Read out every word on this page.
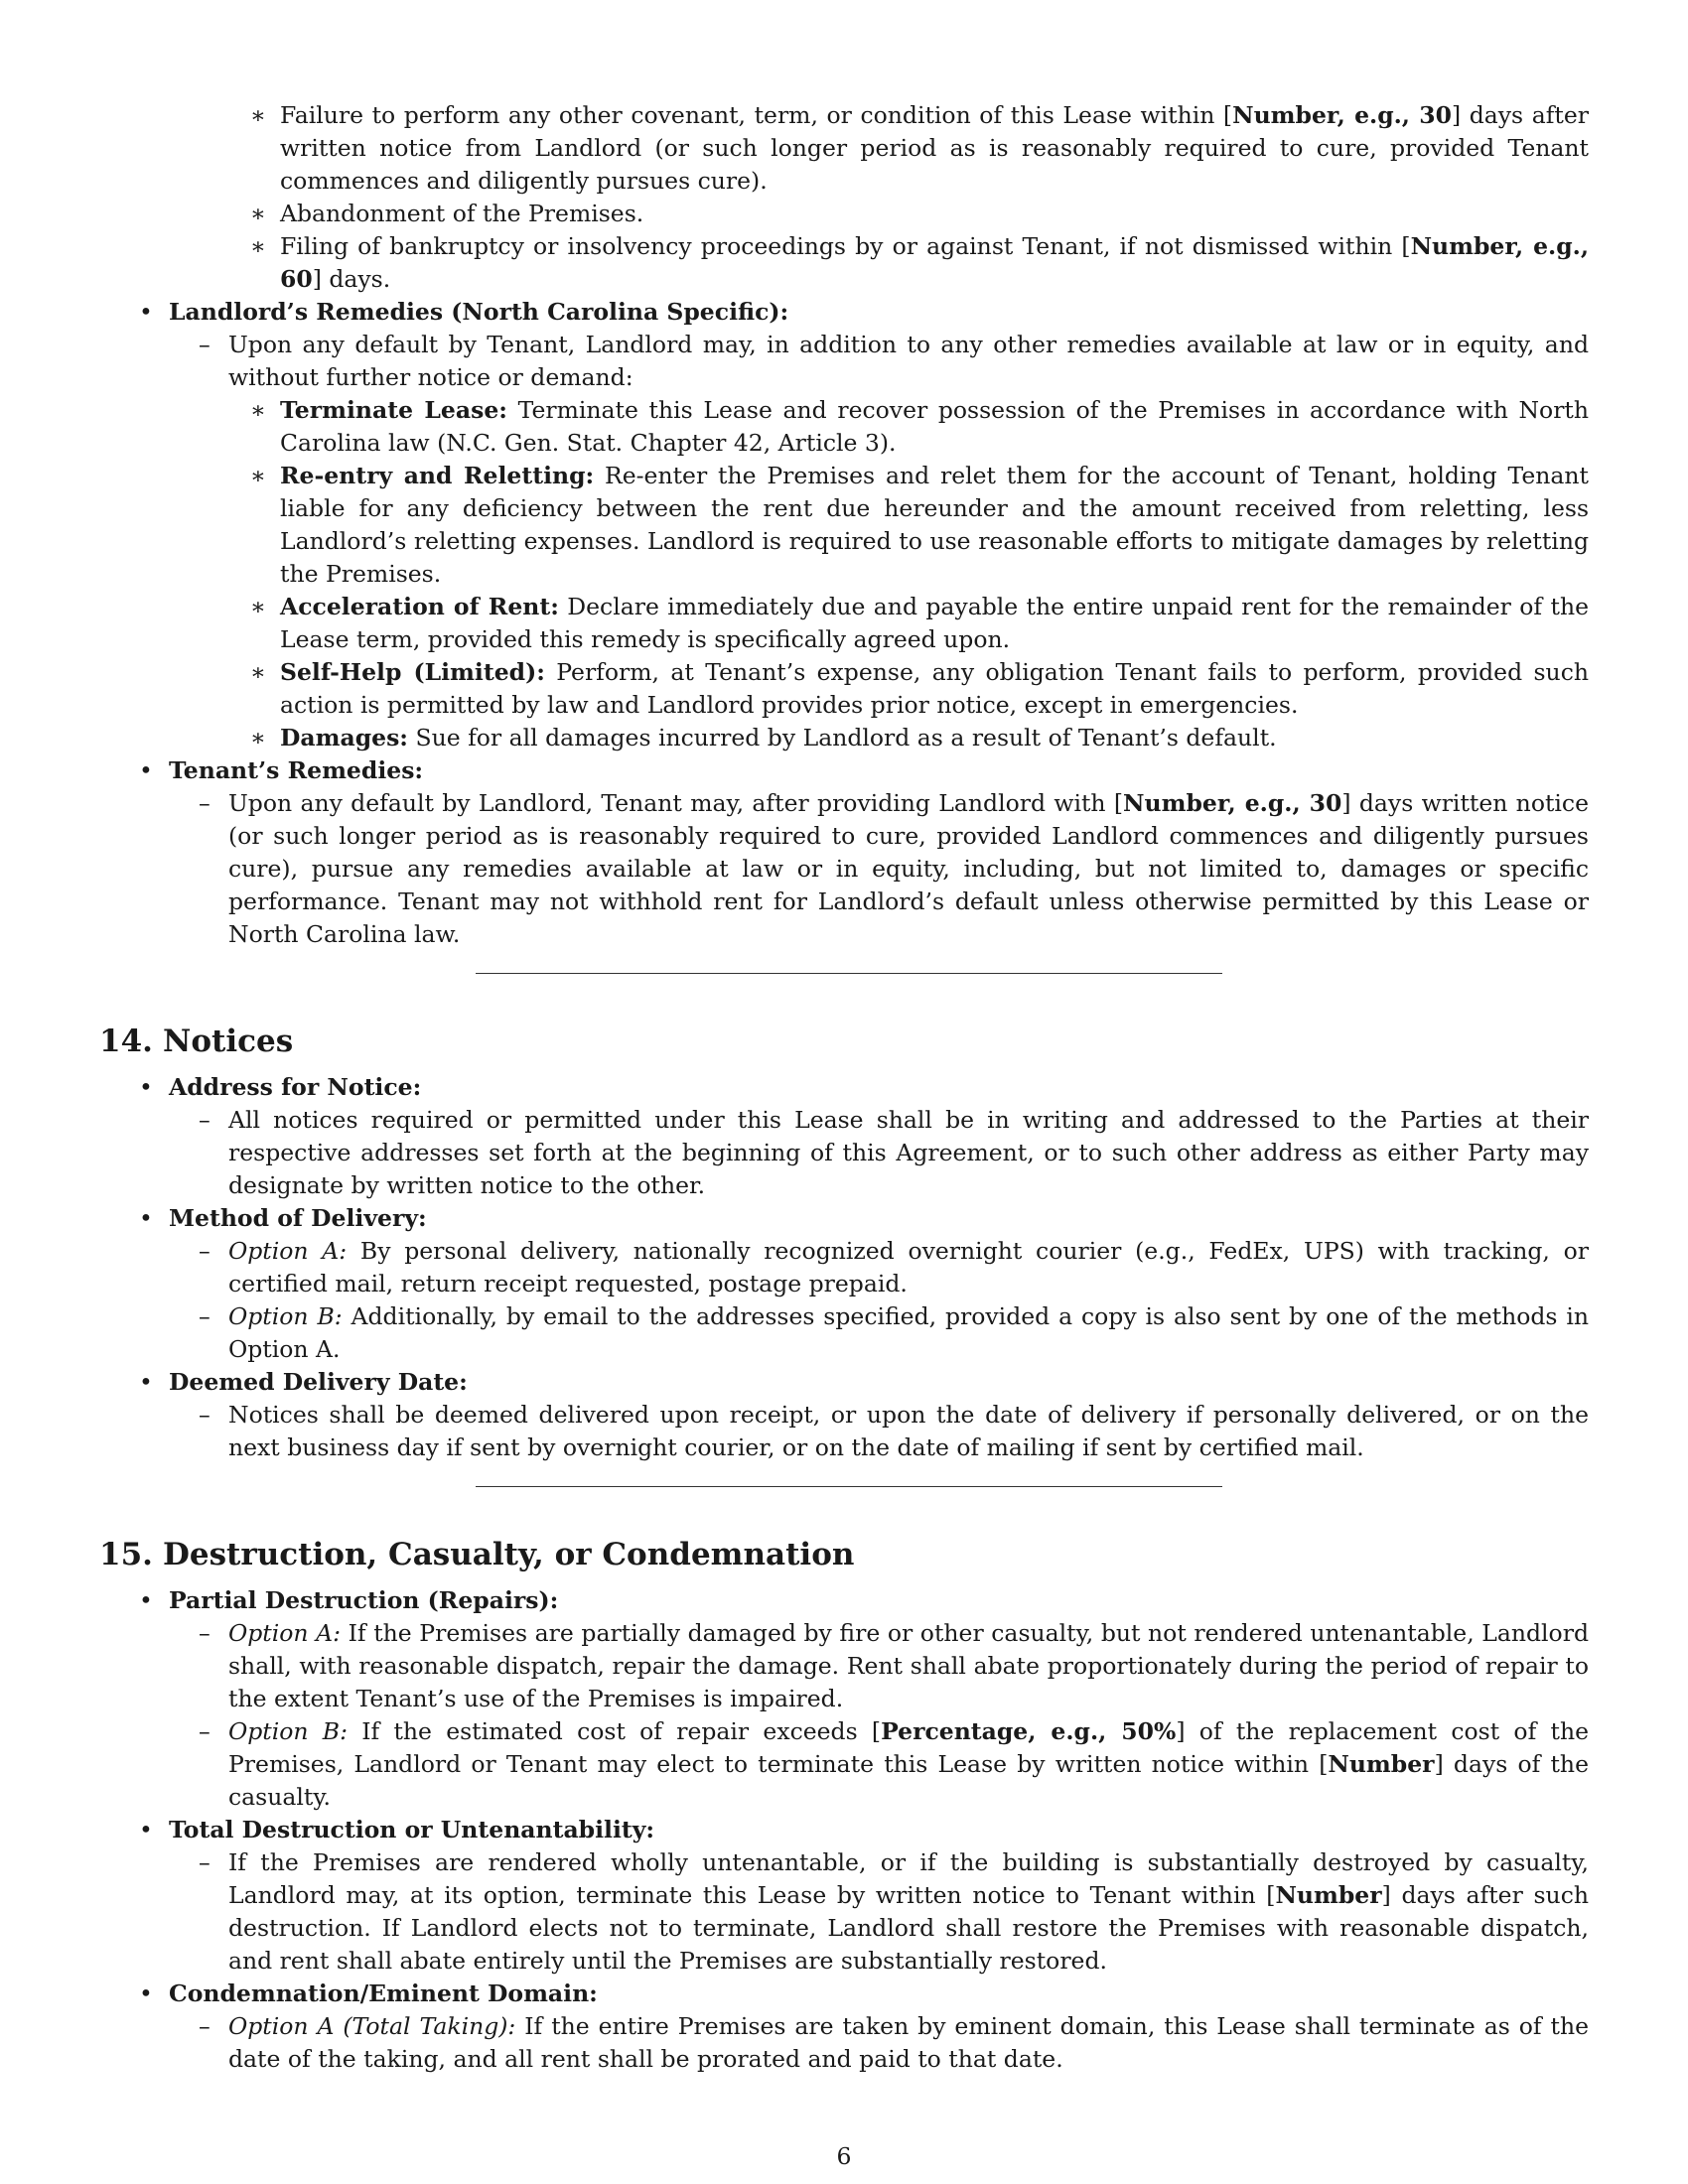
∗ Failure to perform any other covenant, term, or condition of this Lease within [Number, e.g., 30] days after written notice from Landlord (or such longer period as is reasonably required to cure, provided Tenant commences and diligently pursues cure).
∗ Abandonment of the Premises.
∗ Filing of bankruptcy or insolvency proceedings by or against Tenant, if not dismissed within [Number, e.g., 60] days.
• Landlord’s Remedies (North Carolina Specific):
– Upon any default by Tenant, Landlord may, in addition to any other remedies available at law or in equity, and without further notice or demand:
∗ Terminate Lease: Terminate this Lease and recover possession of the Premises in accordance with North Carolina law (N.C. Gen. Stat. Chapter 42, Article 3).
∗ Re-entry and Reletting: Re-enter the Premises and relet them for the account of Tenant, holding Tenant liable for any deficiency between the rent due hereunder and the amount received from reletting, less Landlord’s reletting expenses. Landlord is required to use reasonable efforts to mitigate damages by reletting the Premises.
∗ Acceleration of Rent: Declare immediately due and payable the entire unpaid rent for the remainder of the Lease term, provided this remedy is specifically agreed upon.
∗ Self-Help (Limited): Perform, at Tenant’s expense, any obligation Tenant fails to perform, provided such action is permitted by law and Landlord provides prior notice, except in emergencies.
∗ Damages: Sue for all damages incurred by Landlord as a result of Tenant’s default.
• Tenant’s Remedies:
– Upon any default by Landlord, Tenant may, after providing Landlord with [Number, e.g., 30] days written notice (or such longer period as is reasonably required to cure, provided Landlord commences and diligently pursues cure), pursue any remedies available at law or in equity, including, but not limited to, damages or specific performance. Tenant may not withhold rent for Landlord’s default unless otherwise permitted by this Lease or North Carolina law.
14. Notices
• Address for Notice:
– All notices required or permitted under this Lease shall be in writing and addressed to the Parties at their respective addresses set forth at the beginning of this Agreement, or to such other address as either Party may designate by written notice to the other.
• Method of Delivery:
– Option A: By personal delivery, nationally recognized overnight courier (e.g., FedEx, UPS) with tracking, or certified mail, return receipt requested, postage prepaid.
– Option B: Additionally, by email to the addresses specified, provided a copy is also sent by one of the methods in Option A.
• Deemed Delivery Date:
– Notices shall be deemed delivered upon receipt, or upon the date of delivery if personally delivered, or on the next business day if sent by overnight courier, or on the date of mailing if sent by certified mail.
15. Destruction, Casualty, or Condemnation
• Partial Destruction (Repairs):
– Option A: If the Premises are partially damaged by fire or other casualty, but not rendered untenantable, Landlord shall, with reasonable dispatch, repair the damage. Rent shall abate proportionately during the period of repair to the extent Tenant’s use of the Premises is impaired.
– Option B: If the estimated cost of repair exceeds [Percentage, e.g., 50%] of the replacement cost of the Premises, Landlord or Tenant may elect to terminate this Lease by written notice within [Number] days of the casualty.
• Total Destruction or Untenantability:
– If the Premises are rendered wholly untenantable, or if the building is substantially destroyed by casualty, Landlord may, at its option, terminate this Lease by written notice to Tenant within [Number] days after such destruction. If Landlord elects not to terminate, Landlord shall restore the Premises with reasonable dispatch, and rent shall abate entirely until the Premises are substantially restored.
• Condemnation/Eminent Domain:
– Option A (Total Taking): If the entire Premises are taken by eminent domain, this Lease shall terminate as of the date of the taking, and all rent shall be prorated and paid to that date.
6
